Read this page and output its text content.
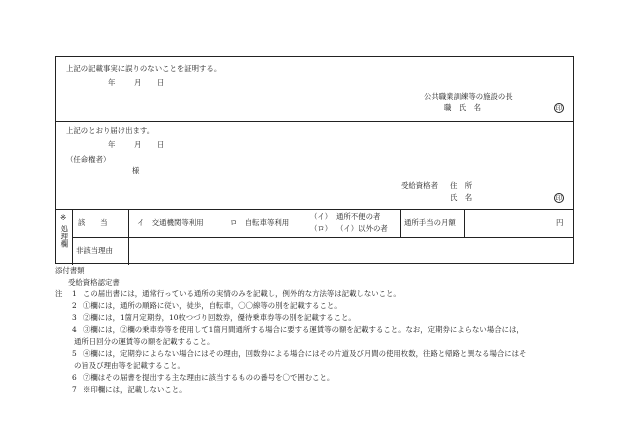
上記の記載事実に誤りのないことを証明する。
年	月 日
公共職業訓練等の施設の長
職　氏　名	印
上記のとおり届け出ます。
年	月 日
（任命権者）
様
受給資格者 住　所
氏　名	印
※
処理欄
該　　当	イ　交通機関等利用	ロ　自転車等利用
（イ） 通所不便の者
（ロ） （イ）以外の者
通所手当の月額	円
非該当理由
添付書類
受給資格認定書
注 1 この届出書には，通常行っている通所の実情のみを記載し，例外的な方法等は記載しないこと。
2 ①欄には，通所の順路に従い，徒歩，自転車，〇〇線等の別を記載すること。
3 ②欄には，1箇月定期券，10枚つづり回数券，優待乗車券等の別を記載すること。
4 ③欄には，②欄の乗車券等を使用して1箇月間通所する場合に要する運賃等の額を記載すること。なお，定期券によらない場合には，
通所日回分の運賃等の額を記載すること。
5 ④欄には，定期券によらない場合にはその理由，回数券による場合にはその片道及び月間の使用枚数，往路と帰路と異なる場合にはそ
の旨及び理由等を記載すること。
6 ⑦欄はその届書を提出する主な理由に該当するものの番号を〇で囲むこと。
7 ※印欄には，記載しないこと。
